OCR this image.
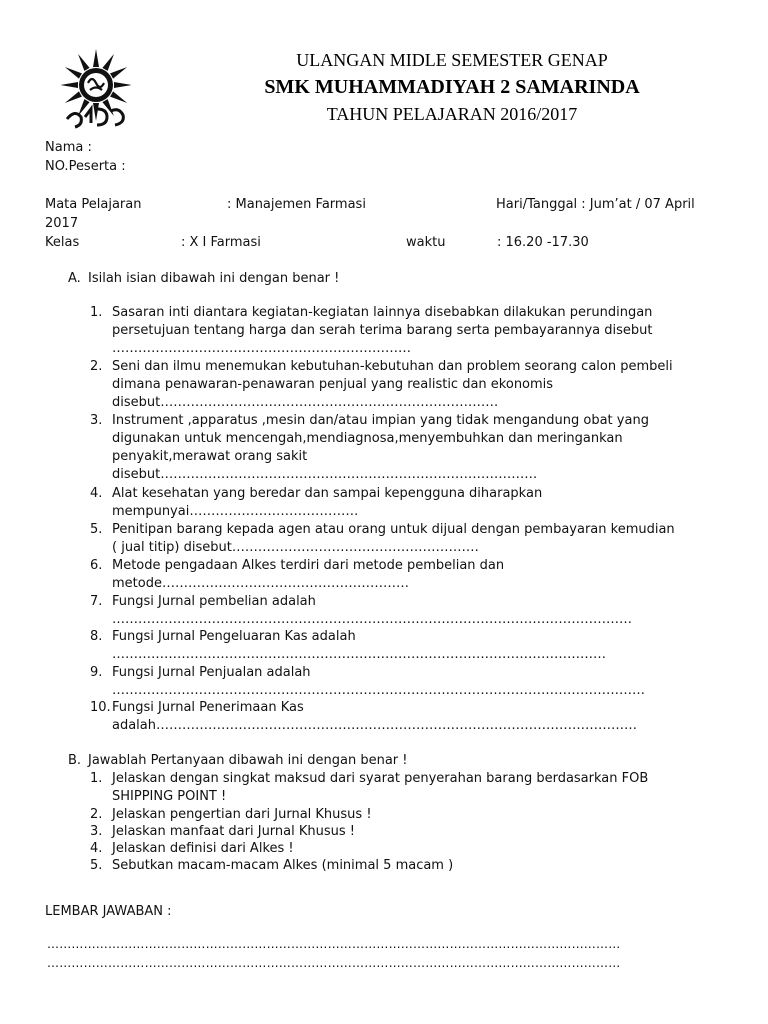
ULANGAN MIDLE SEMESTER GENAP
SMK MUHAMMADIYAH 2 SAMARINDA
TAHUN PELAJARAN 2016/2017
Nama :
NO.Peserta :
Mata Pelajaran	: Manajemen Farmasi	Hari/Tanggal : Jum’at / 07 April
2017
Kelas	: X I Farmasi	waktu	: 16.20 -17.30
A. Isilah isian dibawah ini dengan benar !
1. Sasaran inti diantara kegiatan-kegiatan lainnya disebabkan dilakukan perundingan
persetujuan tentang harga dan serah terima barang serta pembayarannya disebut
……………………………………………………………
2. Seni dan ilmu menemukan kebutuhan-kebutuhan dan problem seorang calon pembeli
dimana penawaran-penawaran penjual yang realistic dan ekonomis
disebut……………………………………………………………………
3. Instrument ,apparatus ,mesin dan/atau impian yang tidak mengandung obat yang
digunakan untuk mencengah,mendiagnosa,menyembuhkan dan meringankan
penyakit,merawat orang sakit
disebut……………………………………………………………………………
4. Alat kesehatan yang beredar dan sampai kepengguna diharapkan
mempunyai…………………………………
5. Penitipan barang kepada agen atau orang untuk dijual dengan pembayaran kemudian
( jual titip) disebut…………………………………………………
6. Metode pengadaan Alkes terdiri dari metode pembelian dan
metode…………………………………………………
7. Fungsi Jurnal pembelian adalah
…………………………………………………………………………………………………………
8. Fungsi Jurnal Pengeluaran Kas adalah
……………………………………………………………………………………………………
9. Fungsi Jurnal Penjualan adalah
……………………………………………………………………………………………………………
10. Fungsi Jurnal Penerimaan Kas
adalah…………………………………………………………………………………………………
B. Jawablah Pertanyaan dibawah ini dengan benar !
1. Jelaskan dengan singkat maksud dari syarat penyerahan barang berdasarkan FOB
SHIPPING POINT !
2. Jelaskan pengertian dari Jurnal Khusus !
3. Jelaskan manfaat dari Jurnal Khusus !
4. Jelaskan definisi dari Alkes !
5. Sebutkan macam-macam Alkes (minimal 5 macam )
LEMBAR JAWABAN :
……………………………………………………………………………………………………………………………
……………………………………………………………………………………………………………………………
